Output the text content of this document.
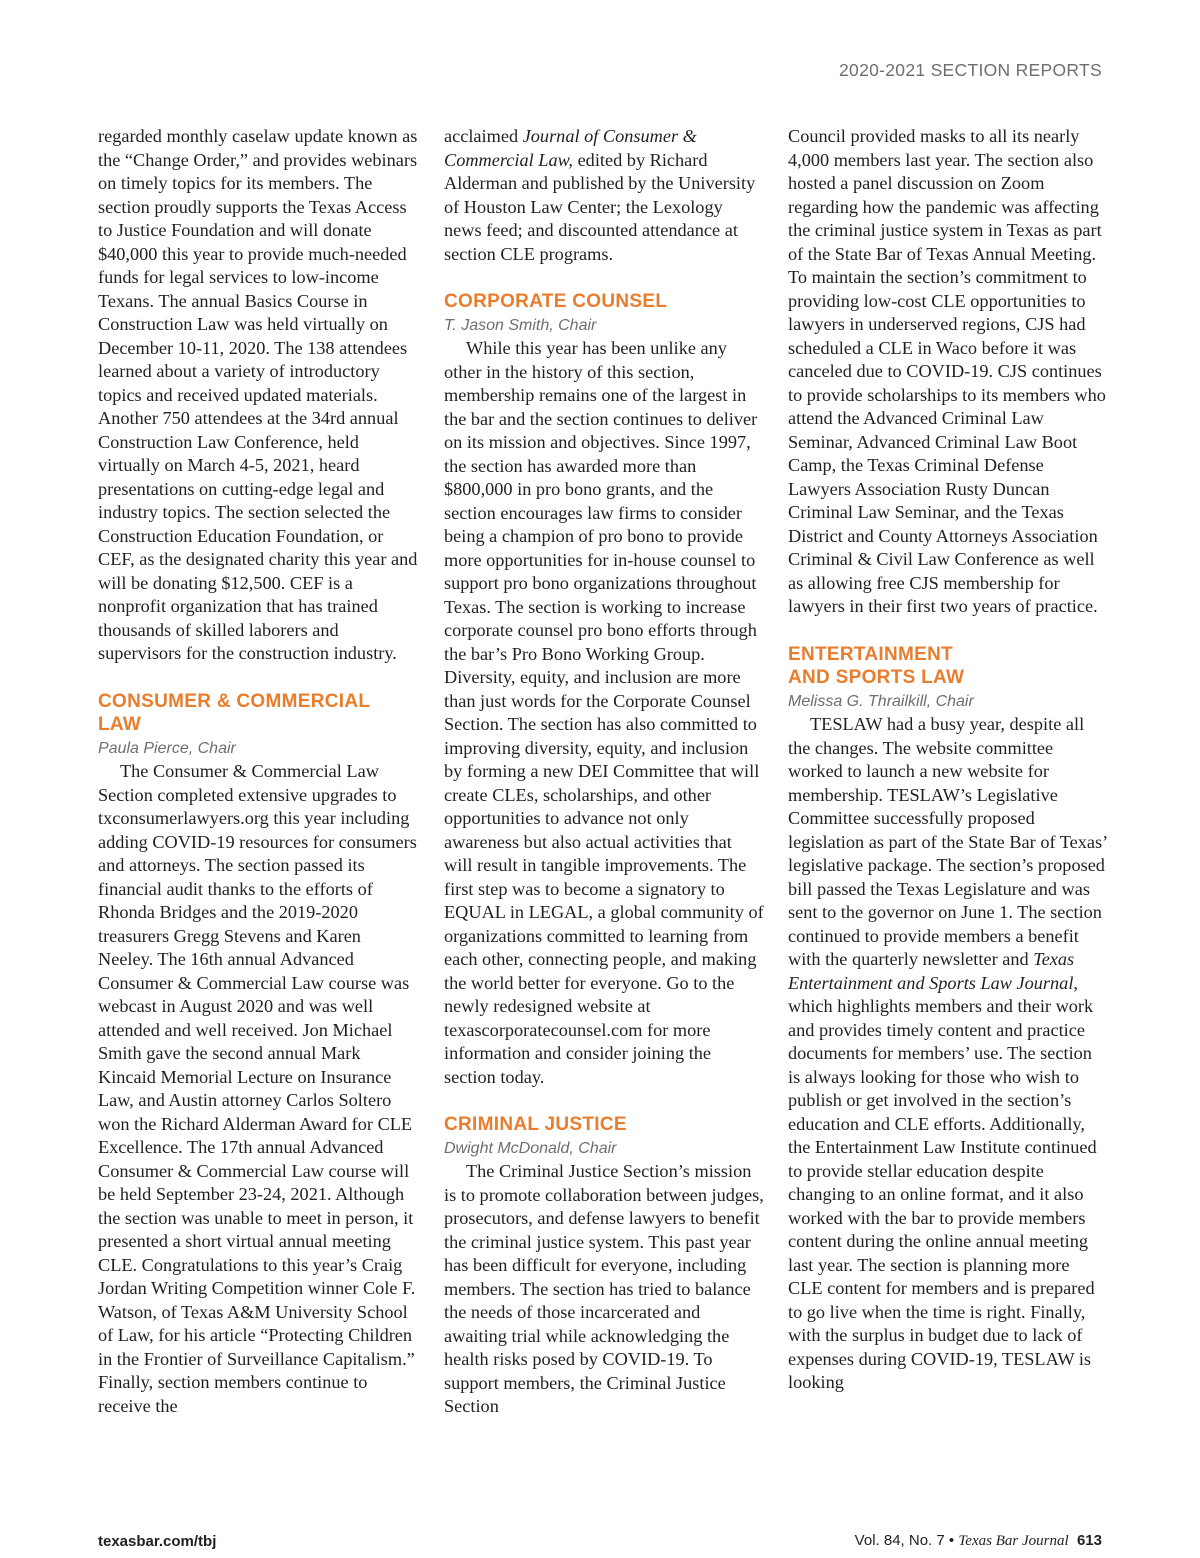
2020-2021 SECTION REPORTS

regarded monthly caselaw update known as the “Change Order,” and provides webinars on timely topics for its members. The section proudly supports the Texas Access to Justice Foundation and will donate $40,000 this year to provide much-needed funds for legal services to low-income Texans. The annual Basics Course in Construction Law was held virtually on December 10-11, 2020. The 138 attendees learned about a variety of introductory topics and received updated materials. Another 750 attendees at the 34rd annual Construction Law Conference, held virtually on March 4-5, 2021, heard presentations on cutting-edge legal and industry topics. The section selected the Construction Education Foundation, or CEF, as the designated charity this year and will be donating $12,500. CEF is a nonprofit organization that has trained thousands of skilled laborers and supervisors for the construction industry.

CONSUMER & COMMERCIAL LAW

Paula Pierce, Chair

The Consumer & Commercial Law Section completed extensive upgrades to txconsumerlawyers.org this year including adding COVID-19 resources for consumers and attorneys. The section passed its financial audit thanks to the efforts of Rhonda Bridges and the 2019-2020 treasurers Gregg Stevens and Karen Neeley. The 16th annual Advanced Consumer & Commercial Law course was webcast in August 2020 and was well attended and well received. Jon Michael Smith gave the second annual Mark Kincaid Memorial Lecture on Insurance Law, and Austin attorney Carlos Soltero won the Richard Alderman Award for CLE Excellence. The 17th annual Advanced Consumer & Commercial Law course will be held September 23-24, 2021. Although the section was unable to meet in person, it presented a short virtual annual meeting CLE. Congratulations to this year’s Craig Jordan Writing Competition winner Cole F. Watson, of Texas A&M University School of Law, for his article “Protecting Children in the Frontier of Surveillance Capitalism.” Finally, section members continue to receive the

acclaimed Journal of Consumer & Commercial Law, edited by Richard Alderman and published by the University of Houston Law Center; the Lexology news feed; and discounted attendance at section CLE programs.

CORPORATE COUNSEL

T. Jason Smith, Chair

While this year has been unlike any other in the history of this section, membership remains one of the largest in the bar and the section continues to deliver on its mission and objectives. Since 1997, the section has awarded more than $800,000 in pro bono grants, and the section encourages law firms to consider being a champion of pro bono to provide more opportunities for in-house counsel to support pro bono organizations throughout Texas. The section is working to increase corporate counsel pro bono efforts through the bar’s Pro Bono Working Group. Diversity, equity, and inclusion are more than just words for the Corporate Counsel Section. The section has also committed to improving diversity, equity, and inclusion by forming a new DEI Committee that will create CLEs, scholarships, and other opportunities to advance not only awareness but also actual activities that will result in tangible improvements. The first step was to become a signatory to EQUAL in LEGAL, a global community of organizations committed to learning from each other, connecting people, and making the world better for everyone. Go to the newly redesigned website at texascorporatecounsel.com for more information and consider joining the section today.

CRIMINAL JUSTICE

Dwight McDonald, Chair

The Criminal Justice Section’s mission is to promote collaboration between judges, prosecutors, and defense lawyers to benefit the criminal justice system. This past year has been difficult for everyone, including members. The section has tried to balance the needs of those incarcerated and awaiting trial while acknowledging the health risks posed by COVID-19. To support members, the Criminal Justice Section

Council provided masks to all its nearly 4,000 members last year. The section also hosted a panel discussion on Zoom regarding how the pandemic was affecting the criminal justice system in Texas as part of the State Bar of Texas Annual Meeting. To maintain the section’s commitment to providing low-cost CLE opportunities to lawyers in underserved regions, CJS had scheduled a CLE in Waco before it was canceled due to COVID-19. CJS continues to provide scholarships to its members who attend the Advanced Criminal Law Seminar, Advanced Criminal Law Boot Camp, the Texas Criminal Defense Lawyers Association Rusty Duncan Criminal Law Seminar, and the Texas District and County Attorneys Association Criminal & Civil Law Conference as well as allowing free CJS membership for lawyers in their first two years of practice.

ENTERTAINMENT
AND SPORTS LAW

Melissa G. Thrailkill, Chair

TESLAW had a busy year, despite all the changes. The website committee worked to launch a new website for membership. TESLAW’s Legislative Committee successfully proposed legislation as part of the State Bar of Texas’ legislative package. The section’s proposed bill passed the Texas Legislature and was sent to the governor on June 1. The section continued to provide members a benefit with the quarterly newsletter and Texas Entertainment and Sports Law Journal, which highlights members and their work and provides timely content and practice documents for members’ use. The section is always looking for those who wish to publish or get involved in the section’s education and CLE efforts. Additionally, the Entertainment Law Institute continued to provide stellar education despite changing to an online format, and it also worked with the bar to provide members content during the online annual meeting last year. The section is planning more CLE content for members and is prepared to go live when the time is right. Finally, with the surplus in budget due to lack of expenses during COVID-19, TESLAW is looking

texasbar.com/tbj	Vol. 84, No. 7 • Texas Bar Journal 613
